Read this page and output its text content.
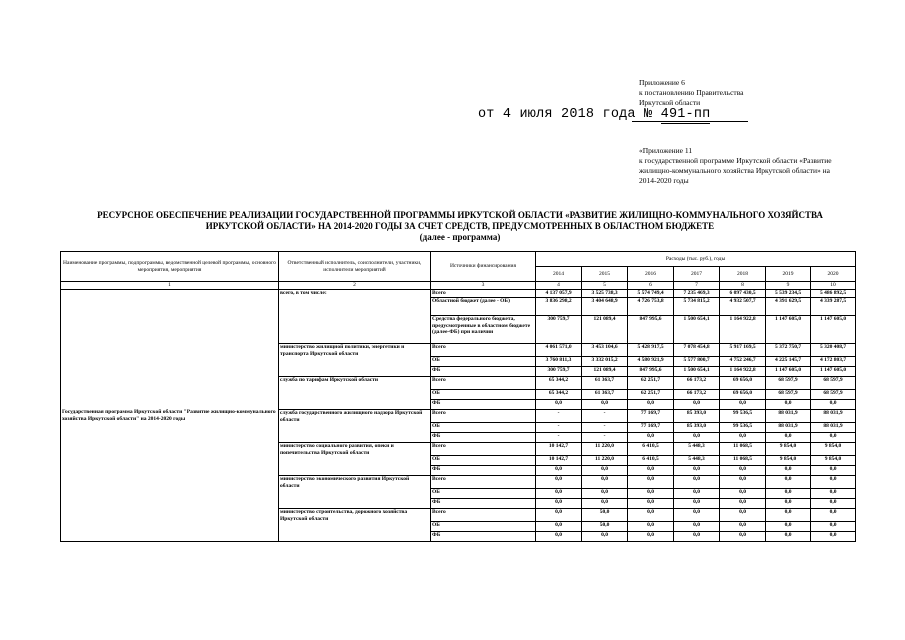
Приложение 6
к постановлению Правительства
Иркутской области
от 4 июля 2018 года № 491-пп
«Приложение 11
к государственной программе Иркутской области «Развитие жилищно-коммунального хозяйства Иркутской области» на 2014-2020 годы
РЕСУРСНОЕ ОБЕСПЕЧЕНИЕ РЕАЛИЗАЦИИ ГОСУДАРСТВЕННОЙ ПРОГРАММЫ ИРКУТСКОЙ ОБЛАСТИ «РАЗВИТИЕ ЖИЛИЩНО-КОММУНАЛЬНОГО ХОЗЯЙСТВА
ИРКУТСКОЙ ОБЛАСТИ» НА 2014-2020 ГОДЫ ЗА СЧЕТ СРЕДСТВ, ПРЕДУСМОТРЕННЫХ В ОБЛАСТНОМ БЮДЖЕТЕ
(далее - программа)
Наименование программы, подпрограммы, ведомственной целевой программы, основного мероприятия, мероприятия	Ответственный исполнитель, соисполнители, участники, исполнители мероприятий	Источники финансирования	Расходы (тыс. руб.), годы						
			2014	2015	2016	2017	2018	2019	2020
1	2	3	4	5	6	7	8	9	10
Государственная программа Иркутской области "Развитие жилищно-коммунального хозяйства Иркутской области" на 2014-2020 годы	всего, в том числе:	Всего	4 137 057,9	3 525 738,3	5 574 749,4	7 235 469,3	6 097 430,5	5 539 234,5	5 486 892,5
		Областной бюджет (далее - ОБ)	3 836 298,2	3 404 648,9	4 726 753,8	5 734 815,2	4 932 507,7	4 391 629,5	4 339 287,5
		Средства федерального бюджета, предусмотренные в областном бюджете (далее-ФБ) при наличии	300 759,7	121 089,4	847 995,6	1 500 654,1	1 164 922,8	1 147 605,0	1 147 605,0
	министерство жилищной политики, энергетики и транспорта Иркутской области	Всего	4 061 571,0	3 453 104,6	5 428 917,5	7 078 454,8	5 917 169,5	5 372 750,7	5 320 408,7
		ОБ	3 760 811,3	3 332 015,2	4 580 921,9	5 577 800,7	4 752 246,7	4 225 145,7	4 172 803,7
		ФБ	300 759,7	121 089,4	847 995,6	1 500 654,1	1 164 922,8	1 147 605,0	1 147 605,0
	служба по тарифам Иркутской области	Всего	65 344,2	61 363,7	62 251,7	66 173,2	69 656,0	68 597,9	68 597,9
		ОБ	65 344,2	61 363,7	62 251,7	66 173,2	69 656,0	68 597,9	68 597,9
		ФБ	0,0	0,0	0,0	0,0	0,0	0,0	0,0
	служба государственного жилищного надзора Иркутской области	Всего	-	-	77 169,7	85 393,0	99 536,5	88 031,9	88 031,9
		ОБ	-	-	77 169,7	85 393,0	99 536,5	88 031,9	88 031,9
		ФБ	-	-	0,0	0,0	0,0	0,0	0,0
	министерство социального развития, опеки и попечительства Иркутской области	Всего	10 142,7	11 220,0	6 410,5	5 448,3	11 068,5	9 854,0	9 854,0
		ОБ	10 142,7	11 220,0	6 410,5	5 448,3	11 068,5	9 854,0	9 854,0
		ФБ	0,0	0,0	0,0	0,0	0,0	0,0	0,0
	министерство экономического развития Иркутской области	Всего	0,0	0,0	0,0	0,0	0,0	0,0	0,0
		ОБ	0,0	0,0	0,0	0,0	0,0	0,0	0,0
		ФБ	0,0	0,0	0,0	0,0	0,0	0,0	0,0
	министерство строительства, дорожного хозяйства Иркутской области	Всего	0,0	50,0	0,0	0,0	0,0	0,0	0,0
		ОБ	0,0	50,0	0,0	0,0	0,0	0,0	0,0
		ФБ	0,0	0,0	0,0	0,0	0,0	0,0	0,0
